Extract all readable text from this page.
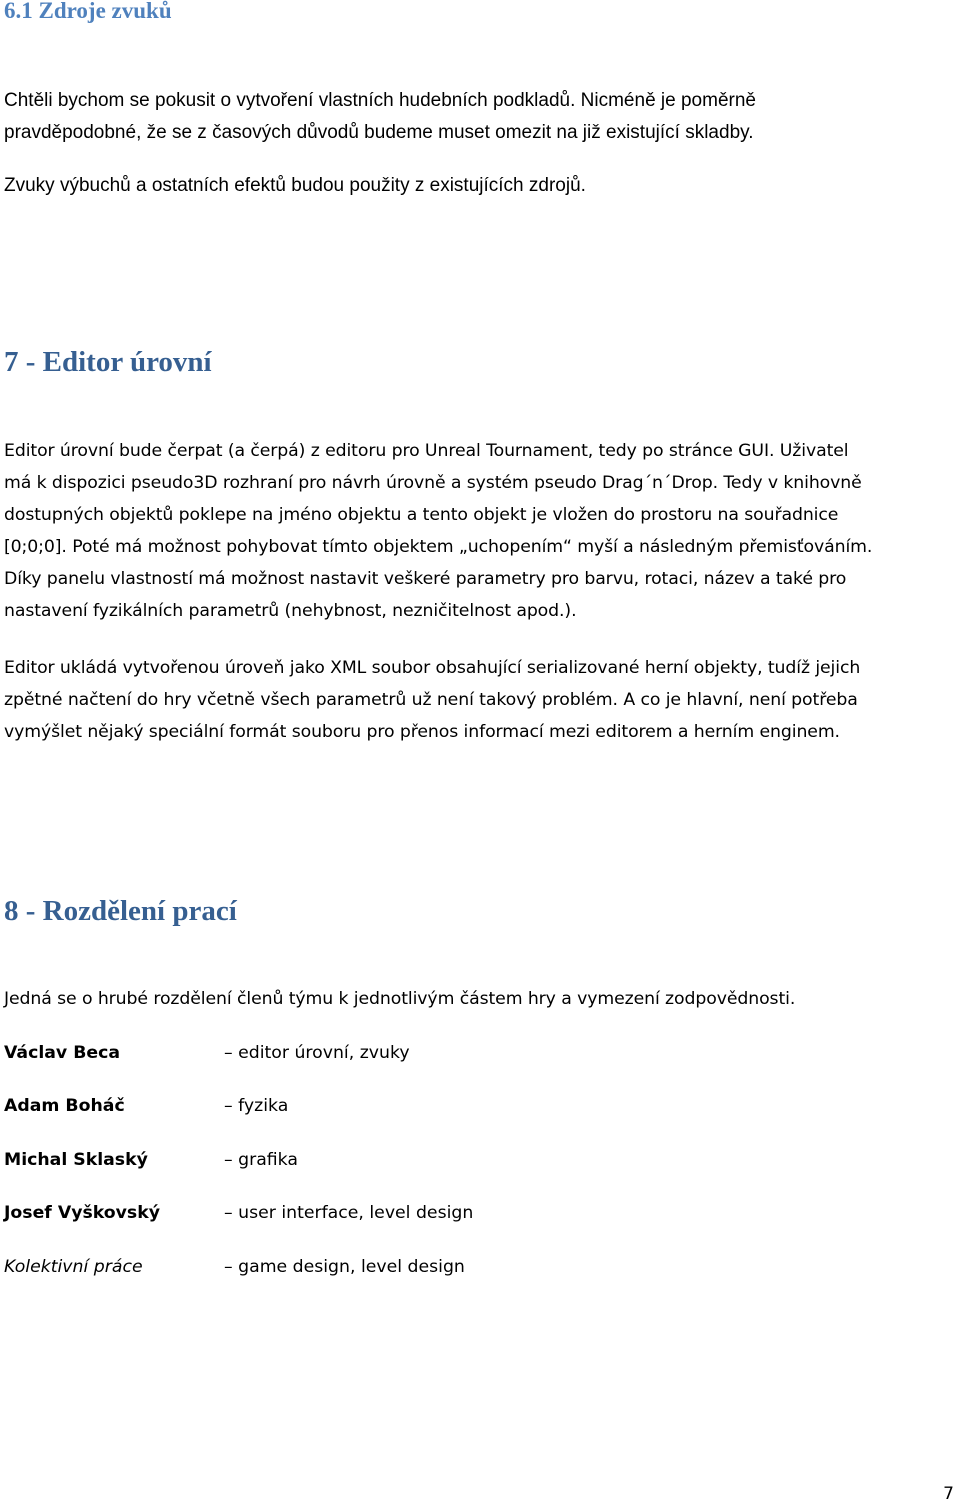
6.1 Zdroje zvuků
Chtěli bychom se pokusit o vytvoření vlastních hudebních podkladů. Nicméně je poměrně
pravděpodobné, že se z časových důvodů budeme muset omezit na již existující skladby.
Zvuky výbuchů a ostatních efektů budou použity z existujících zdrojů.
7 - Editor úrovní
Editor úrovní bude čerpat (a čerpá) z editoru pro Unreal Tournament, tedy po stránce GUI. Uživatel
má k dispozici pseudo3D rozhraní pro návrh úrovně a systém pseudo Drag´n´Drop. Tedy v knihovně
dostupných objektů poklepe na jméno objektu a tento objekt je vložen do prostoru na souřadnice
[0;0;0]. Poté má možnost pohybovat tímto objektem „uchopením“ myší a následným přemisťováním.
Díky panelu vlastností má možnost nastavit veškeré parametry pro barvu, rotaci, název a také pro
nastavení fyzikálních parametrů (nehybnost, nezničitelnost apod.).
Editor ukládá vytvořenou úroveň jako XML soubor obsahující serializované herní objekty, tudíž jejich
zpětné načtení do hry včetně všech parametrů už není takový problém. A co je hlavní, není potřeba
vymýšlet nějaký speciální formát souboru pro přenos informací mezi editorem a herním enginem.
8 - Rozdělení prací
Jedná se o hrubé rozdělení členů týmu k jednotlivým částem hry a vymezení zodpovědnosti.
Václav Beca	– editor úrovní, zvuky
Adam Boháč	– fyzika
Michal Sklaský	– grafika
Josef Vyškovský	– user interface, level design
Kolektivní práce	– game design, level design
7
